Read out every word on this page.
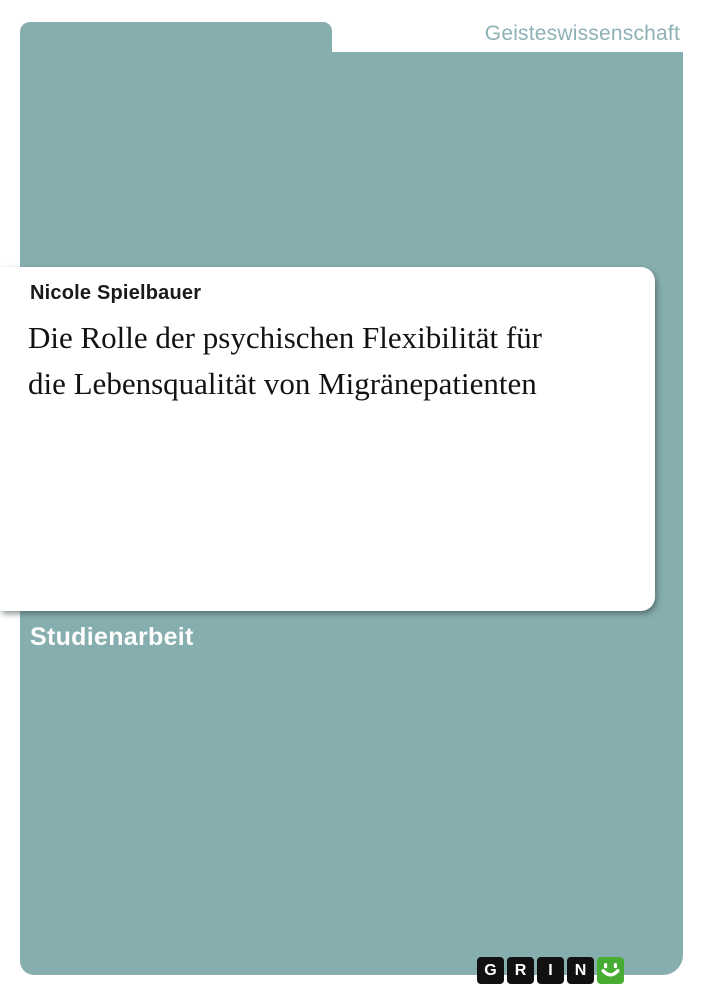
Geisteswissenschaft
Nicole Spielbauer
Die Rolle der psychischen Flexibilität für
die Lebensqualität von Migränepatienten
Studienarbeit
G R I N
